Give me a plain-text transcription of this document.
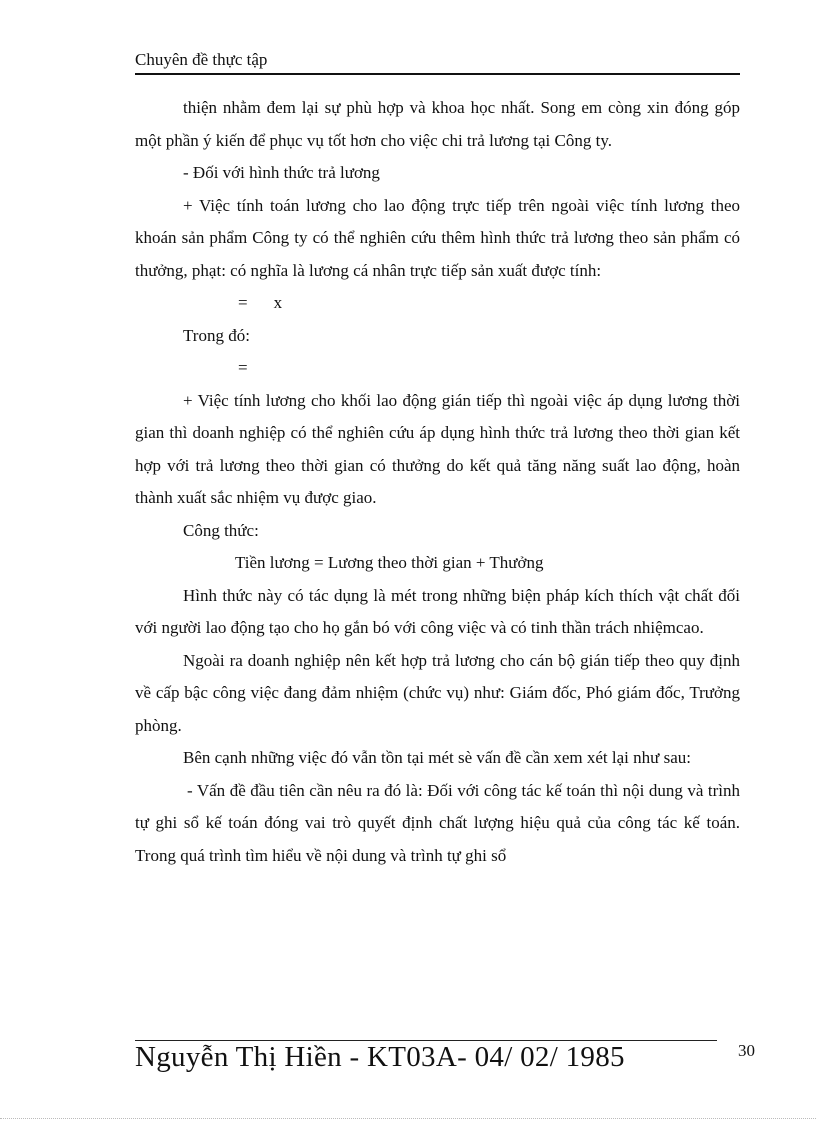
Chuyên đề thực tập

thiện nhằm đem lại sự phù hợp và khoa học nhất. Song em còng xin đóng góp một phần ý kiến để phục vụ tốt hơn cho việc chi trả lương tại Công ty.

- Đối với hình thức trả lương

+ Việc tính toán lương cho lao động trực tiếp trên ngoài việc tính lương theo khoán sản phẩm Công ty có thể nghiên cứu thêm hình thức trả lương theo sản phẩm có thưởng, phạt: có nghĩa là lương cá nhân trực tiếp sản xuất được tính:

= x

Trong đó:

=

+ Việc tính lương cho khối lao động gián tiếp thì ngoài việc áp dụng lương thời gian thì doanh nghiệp có thể nghiên cứu áp dụng hình thức trả lương theo thời gian kết hợp với trả lương theo thời gian có thưởng do kết quả tăng năng suất lao động, hoàn thành xuất sắc nhiệm vụ được giao.

Công thức:

Tiền lương = Lương theo thời gian + Thưởng

Hình thức này có tác dụng là mét trong những biện pháp kích thích vật chất đối với người lao động tạo cho họ gắn bó với công việc và có tinh thần trách nhiệmcao.

Ngoài ra doanh nghiệp nên kết hợp trả lương cho cán bộ gián tiếp theo quy định về cấp bậc công việc đang đảm nhiệm (chức vụ) như: Giám đốc, Phó giám đốc, Trưởng phòng.

Bên cạnh những việc đó vẫn tồn tại mét sè vấn đề cần xem xét lại như sau:

- Vấn đề đầu tiên cần nêu ra đó là: Đối với công tác kế toán thì nội dung và trình tự ghi sổ kế toán đóng vai trò quyết định chất lượng hiệu quả của công tác kế toán. Trong quá trình tìm hiểu về nội dung và trình tự ghi sổ

Nguyễn Thị Hiền - KT03A- 04/ 02/ 1985	30
